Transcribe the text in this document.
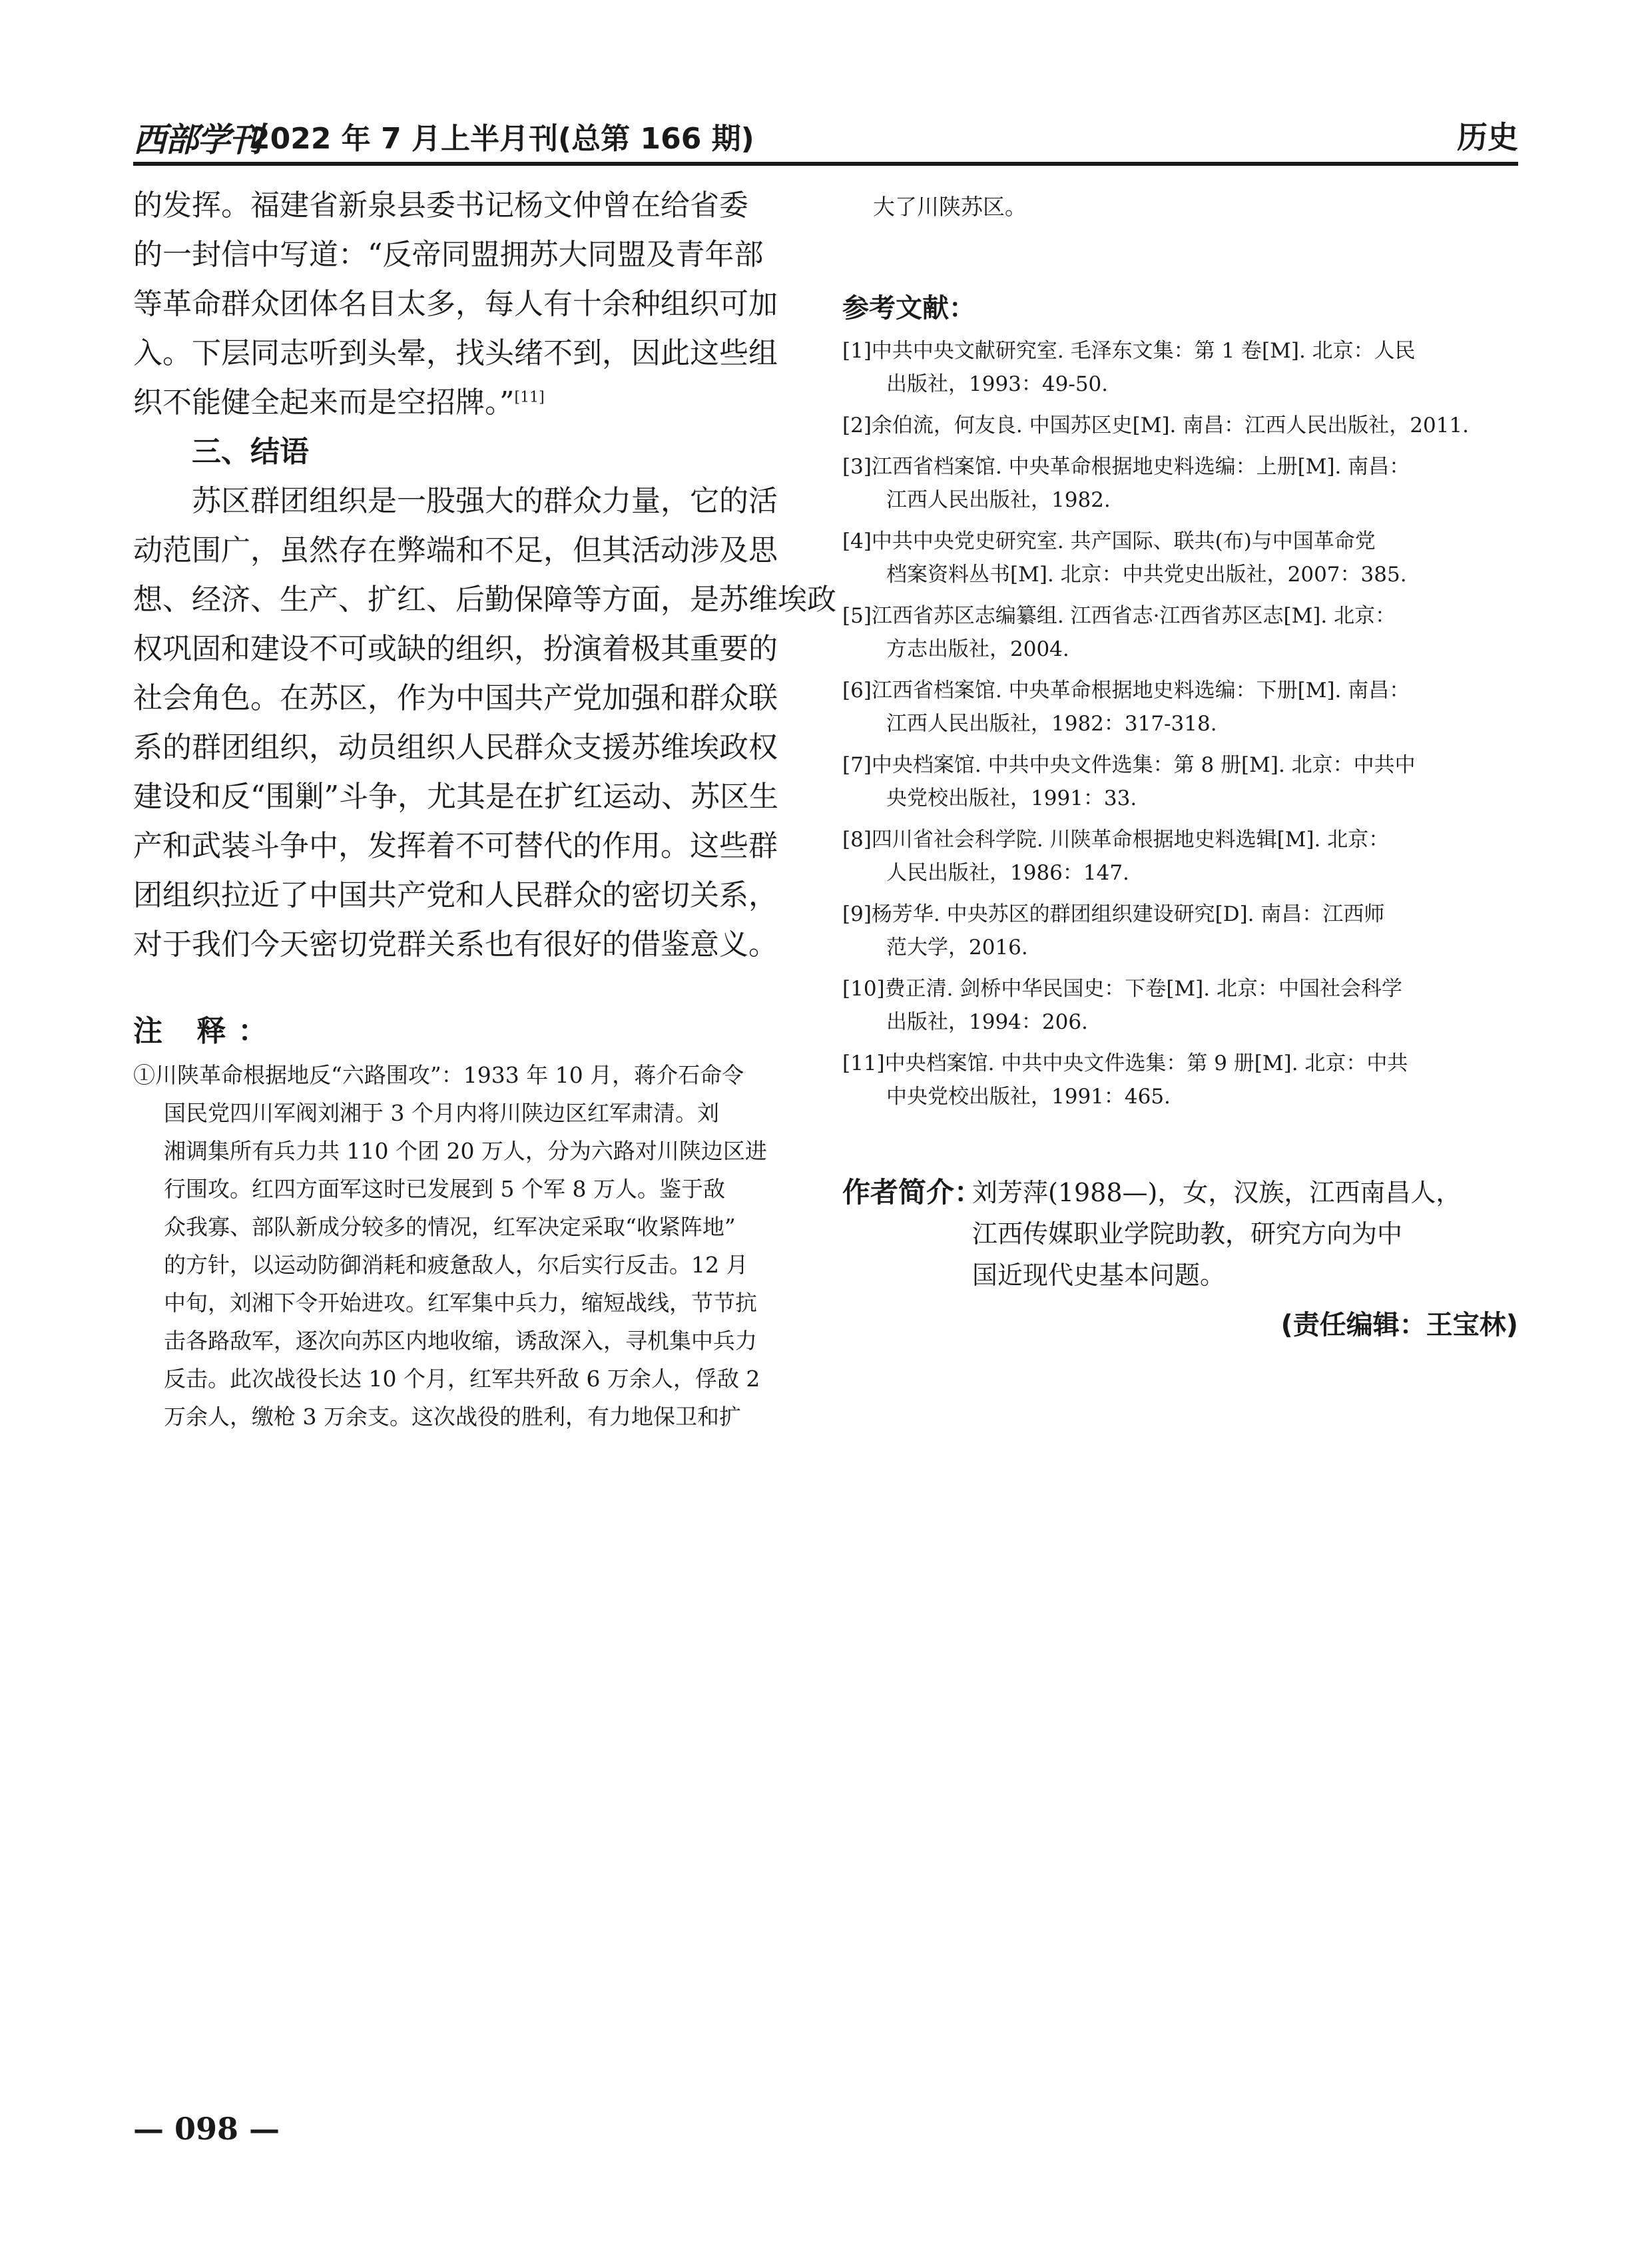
西部学刊
2022 年 7 月上半月刊(总第 166 期)	历史
的发挥。福建省新泉县委书记杨文仲曾在给省委
的一封信中写道：“反帝同盟拥苏大同盟及青年部
等革命群众团体名目太多，每人有十余种组织可加
入。下层同志听到头晕，找头绪不到，因此这些组
织不能健全起来而是空招牌。”[11]
三、结语
苏区群团组织是一股强大的群众力量，它的活
动范围广，虽然存在弊端和不足，但其活动涉及思
想、经济、生产、扩红、后勤保障等方面，是苏维埃政
权巩固和建设不可或缺的组织，扮演着极其重要的
社会角色。在苏区，作为中国共产党加强和群众联
系的群团组织，动员组织人民群众支援苏维埃政权
建设和反“围剿”斗争，尤其是在扩红运动、苏区生
产和武装斗争中，发挥着不可替代的作用。这些群
团组织拉近了中国共产党和人民群众的密切关系，
对于我们今天密切党群关系也有很好的借鉴意义。
注 释：
①川陕革命根据地反“六路围攻”：1933 年 10 月，蒋介石命令
国民党四川军阀刘湘于 3 个月内将川陕边区红军肃清。刘
湘调集所有兵力共 110 个团 20 万人，分为六路对川陕边区进
行围攻。红四方面军这时已发展到 5 个军 8 万人。鉴于敌
众我寡、部队新成分较多的情况，红军决定采取“收紧阵地”
的方针，以运动防御消耗和疲惫敌人，尔后实行反击。12 月
中旬，刘湘下令开始进攻。红军集中兵力，缩短战线，节节抗
击各路敌军，逐次向苏区内地收缩，诱敌深入，寻机集中兵力
反击。此次战役长达 10 个月，红军共歼敌 6 万余人，俘敌 2
万余人，缴枪 3 万余支。这次战役的胜利，有力地保卫和扩
大了川陕苏区。
参考文献：
[1]中共中央文献研究室. 毛泽东文集：第 1 卷[M]. 北京：人民
出版社，1993：49-50.
[2]余伯流，何友良. 中国苏区史[M]. 南昌：江西人民出版社，2011.
[3]江西省档案馆. 中央革命根据地史料选编：上册[M]. 南昌：
江西人民出版社，1982.
[4]中共中央党史研究室. 共产国际、联共(布)与中国革命党
档案资料丛书[M]. 北京：中共党史出版社，2007：385.
[5]江西省苏区志编纂组. 江西省志·江西省苏区志[M]. 北京：
方志出版社，2004.
[6]江西省档案馆. 中央革命根据地史料选编：下册[M]. 南昌：
江西人民出版社，1982：317-318.
[7]中央档案馆. 中共中央文件选集：第 8 册[M]. 北京：中共中
央党校出版社，1991：33.
[8]四川省社会科学院. 川陕革命根据地史料选辑[M]. 北京：
人民出版社，1986：147.
[9]杨芳华. 中央苏区的群团组织建设研究[D]. 南昌：江西师
范大学，2016.
[10]费正清. 剑桥中华民国史：下卷[M]. 北京：中国社会科学
出版社，1994：206.
[11]中央档案馆. 中共中央文件选集：第 9 册[M]. 北京：中共
中央党校出版社，1991：465.
作者简介：
刘芳萍(1988—)，女，汉族，江西南昌人，
江西传媒职业学院助教，研究方向为中
国近现代史基本问题。
(责任编辑：王宝林)
— 098 —
